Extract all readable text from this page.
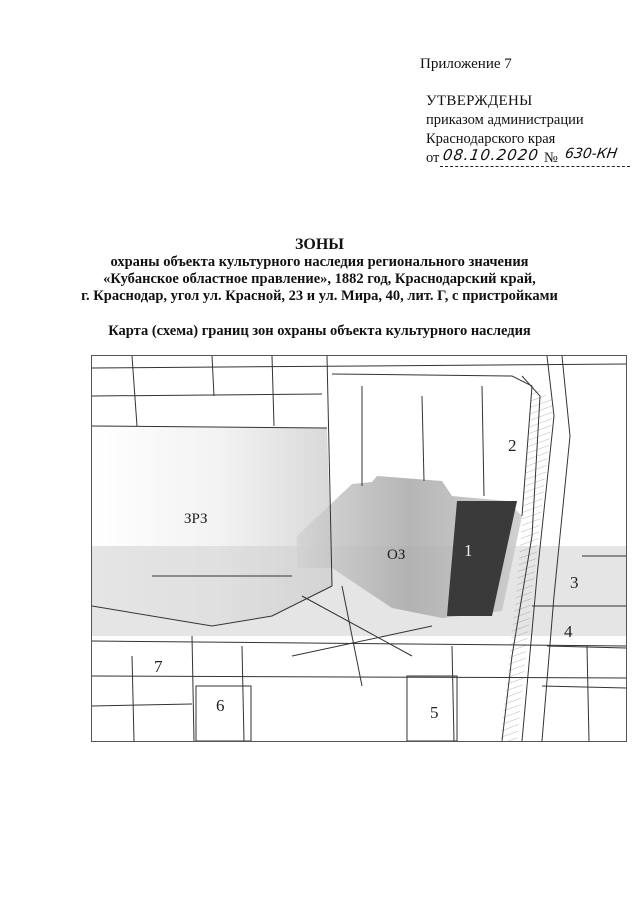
Приложение 7
УТВЕРЖДЕНЫ
приказом администрации
Краснодарского края
от 08.10.2020 № 630-КН
ЗОНЫ
охраны объекта культурного наследия регионального значения
«Кубанское областное правление», 1882 год, Краснодарский край,
г. Краснодар, угол ул. Красной, 23 и ул. Мира, 40, лит. Г, с пристройками
Карта (схема) границ зон охраны объекта культурного наследия
ЗРЗ
ОЗ	1
2
3
4
5
6
7
